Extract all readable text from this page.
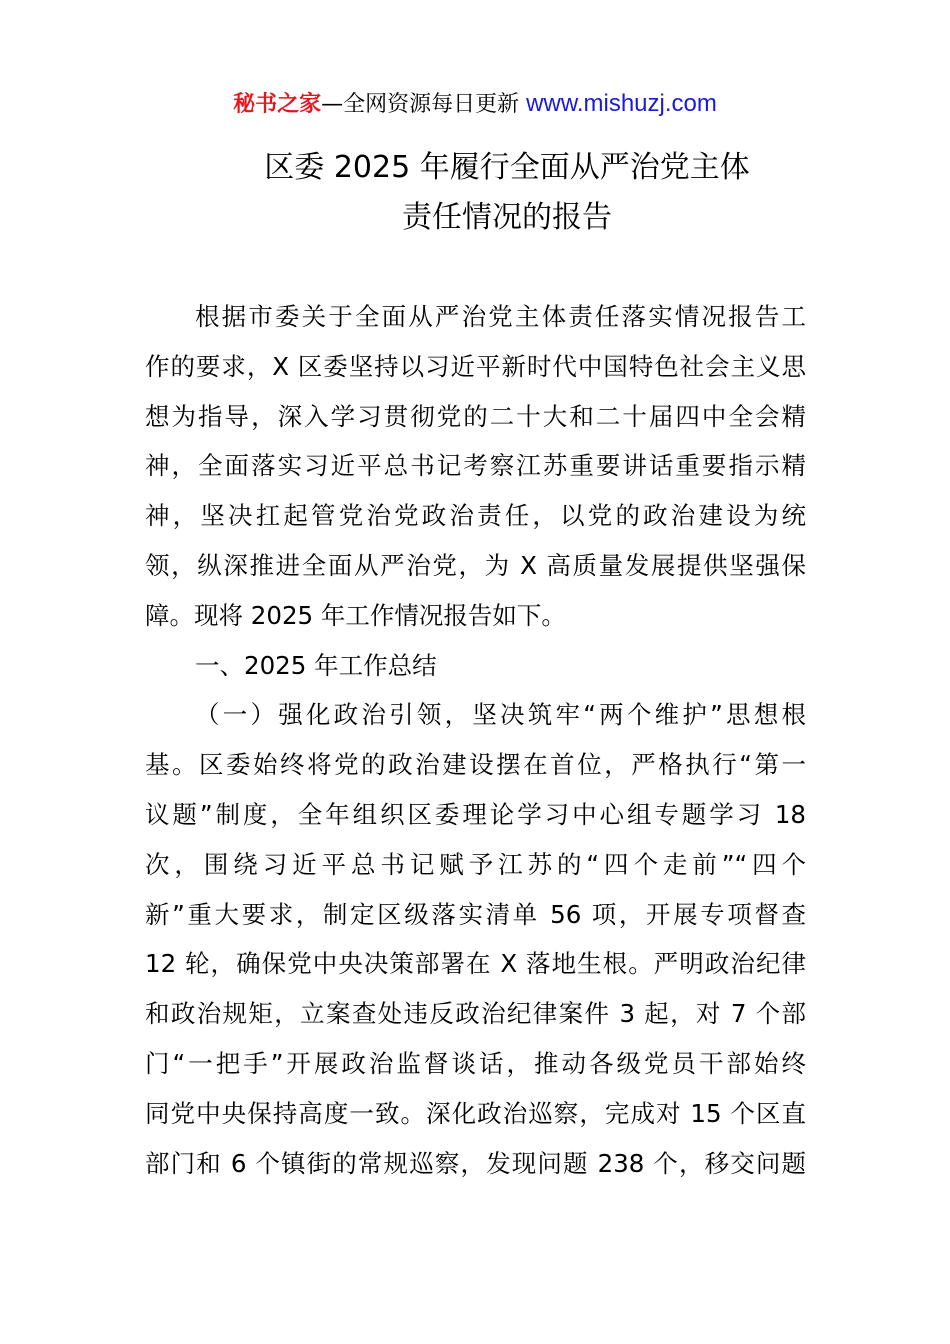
秘书之家—全网资源每日更新 www.mishuzj.com
区委 2025 年履行全面从严治党主体
责任情况的报告
根据市委关于全面从严治党主体责任落实情况报告工
作的要求，X 区委坚持以习近平新时代中国特色社会主义思
想为指导，深入学习贯彻党的二十大和二十届四中全会精
神，全面落实习近平总书记考察江苏重要讲话重要指示精
神，坚决扛起管党治党政治责任，以党的政治建设为统
领，纵深推进全面从严治党，为 X 高质量发展提供坚强保
障。现将 2025 年工作情况报告如下。
一、2025 年工作总结
（一）强化政治引领，坚决筑牢“两个维护”思想根
基。区委始终将党的政治建设摆在首位，严格执行“第一
议题”制度，全年组织区委理论学习中心组专题学习 18
次，围绕习近平总书记赋予江苏的“四个走前”“四个
新”重大要求，制定区级落实清单 56 项，开展专项督查
12 轮，确保党中央决策部署在 X 落地生根。严明政治纪律
和政治规矩，立案查处违反政治纪律案件 3 起，对 7 个部
门“一把手”开展政治监督谈话，推动各级党员干部始终
同党中央保持高度一致。深化政治巡察，完成对 15 个区直
部门和 6 个镇街的常规巡察，发现问题 238 个，移交问题
